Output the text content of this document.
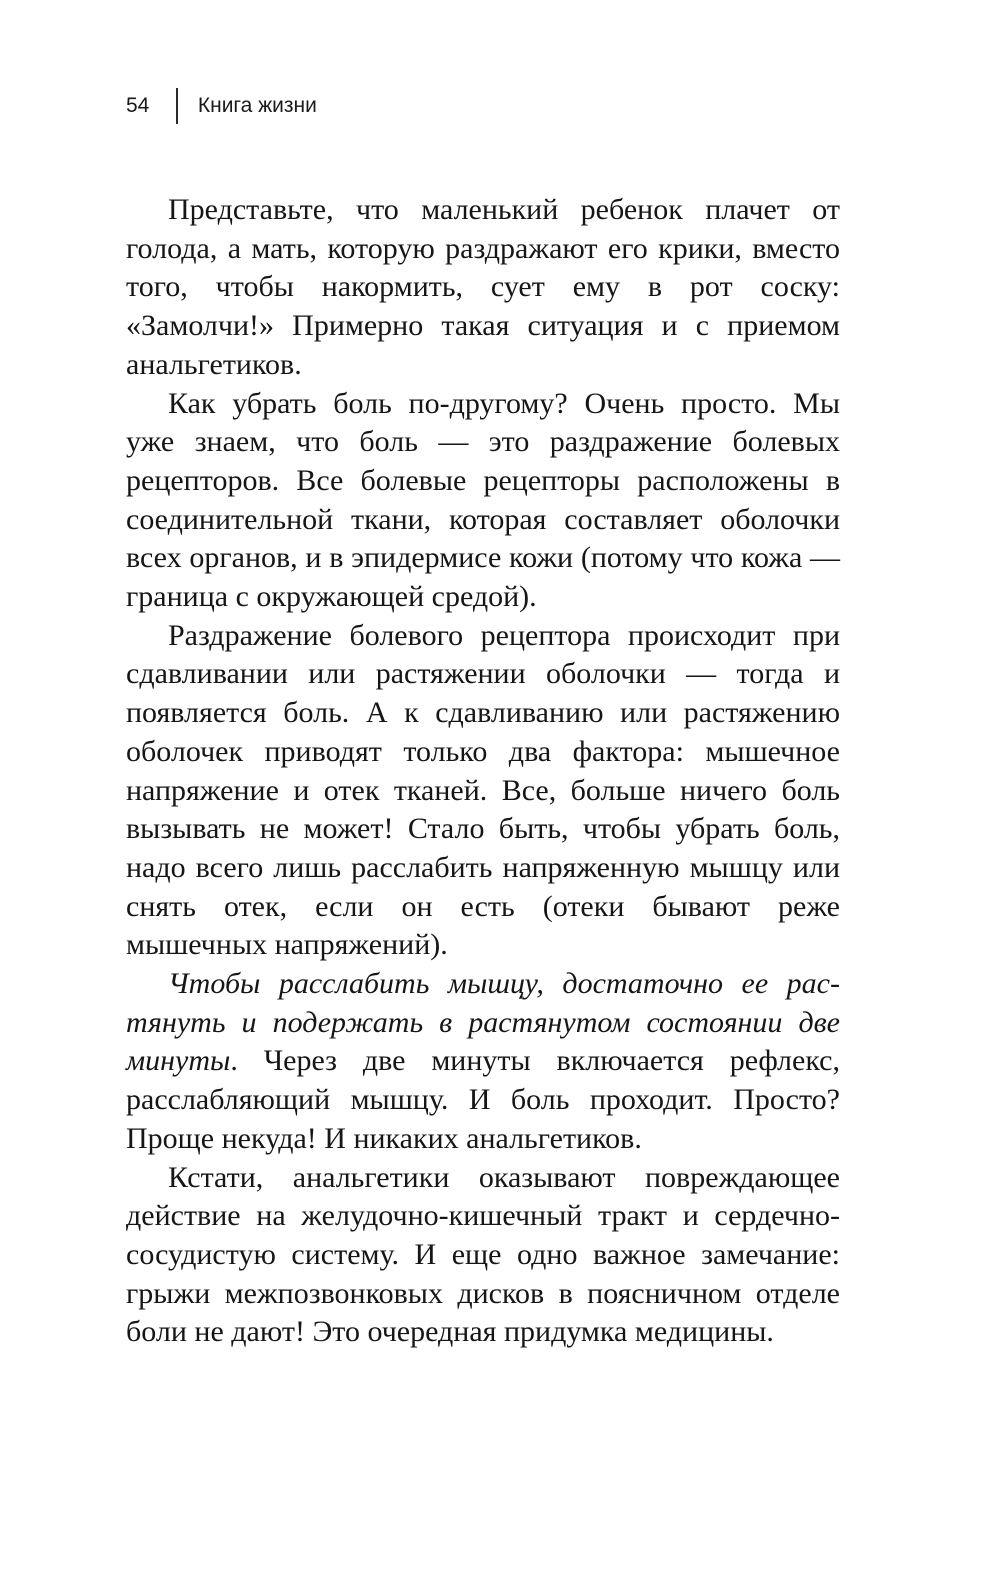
54 Книга жизни

Представьте, что маленький ребенок плачет от голода, а мать, которую раздражают его крики, вместо того, чтобы накормить, сует ему в рот соску: «Замолчи!» Примерно такая ситуация и с приемом анальгетиков.

Как убрать боль по-другому? Очень просто. Мы уже знаем, что боль — это раздражение болевых рецепторов. Все болевые рецепторы расположены в соединительной ткани, которая составляет оболочки всех органов, и в эпидермисе кожи (потому что кожа — граница с окружающей средой).

Раздражение болевого рецептора происходит при сдавливании или растяжении оболочки — тогда и появляется боль. А к сдавливанию или растяжению оболочек приводят только два фактора: мышечное напряжение и отек тканей. Все, больше ничего боль вызывать не может! Стало быть, чтобы убрать боль, надо всего лишь расслабить напряженную мышцу или снять отек, если он есть (отеки бывают реже мышечных напряжений).

Чтобы расслабить мышцу, достаточно ее растянуть и подержать в растянутом состоянии две минуты. Через две минуты включается рефлекс, расслабляющий мышцу. И боль проходит. Просто? Проще некуда! И никаких анальгетиков.

Кстати, анальгетики оказывают повреждающее действие на желудочно-кишечный тракт и сердечно-сосудистую систему. И еще одно важное замечание: грыжи межпозвонковых дисков в поясничном отделе боли не дают! Это очередная придумка медицины.
